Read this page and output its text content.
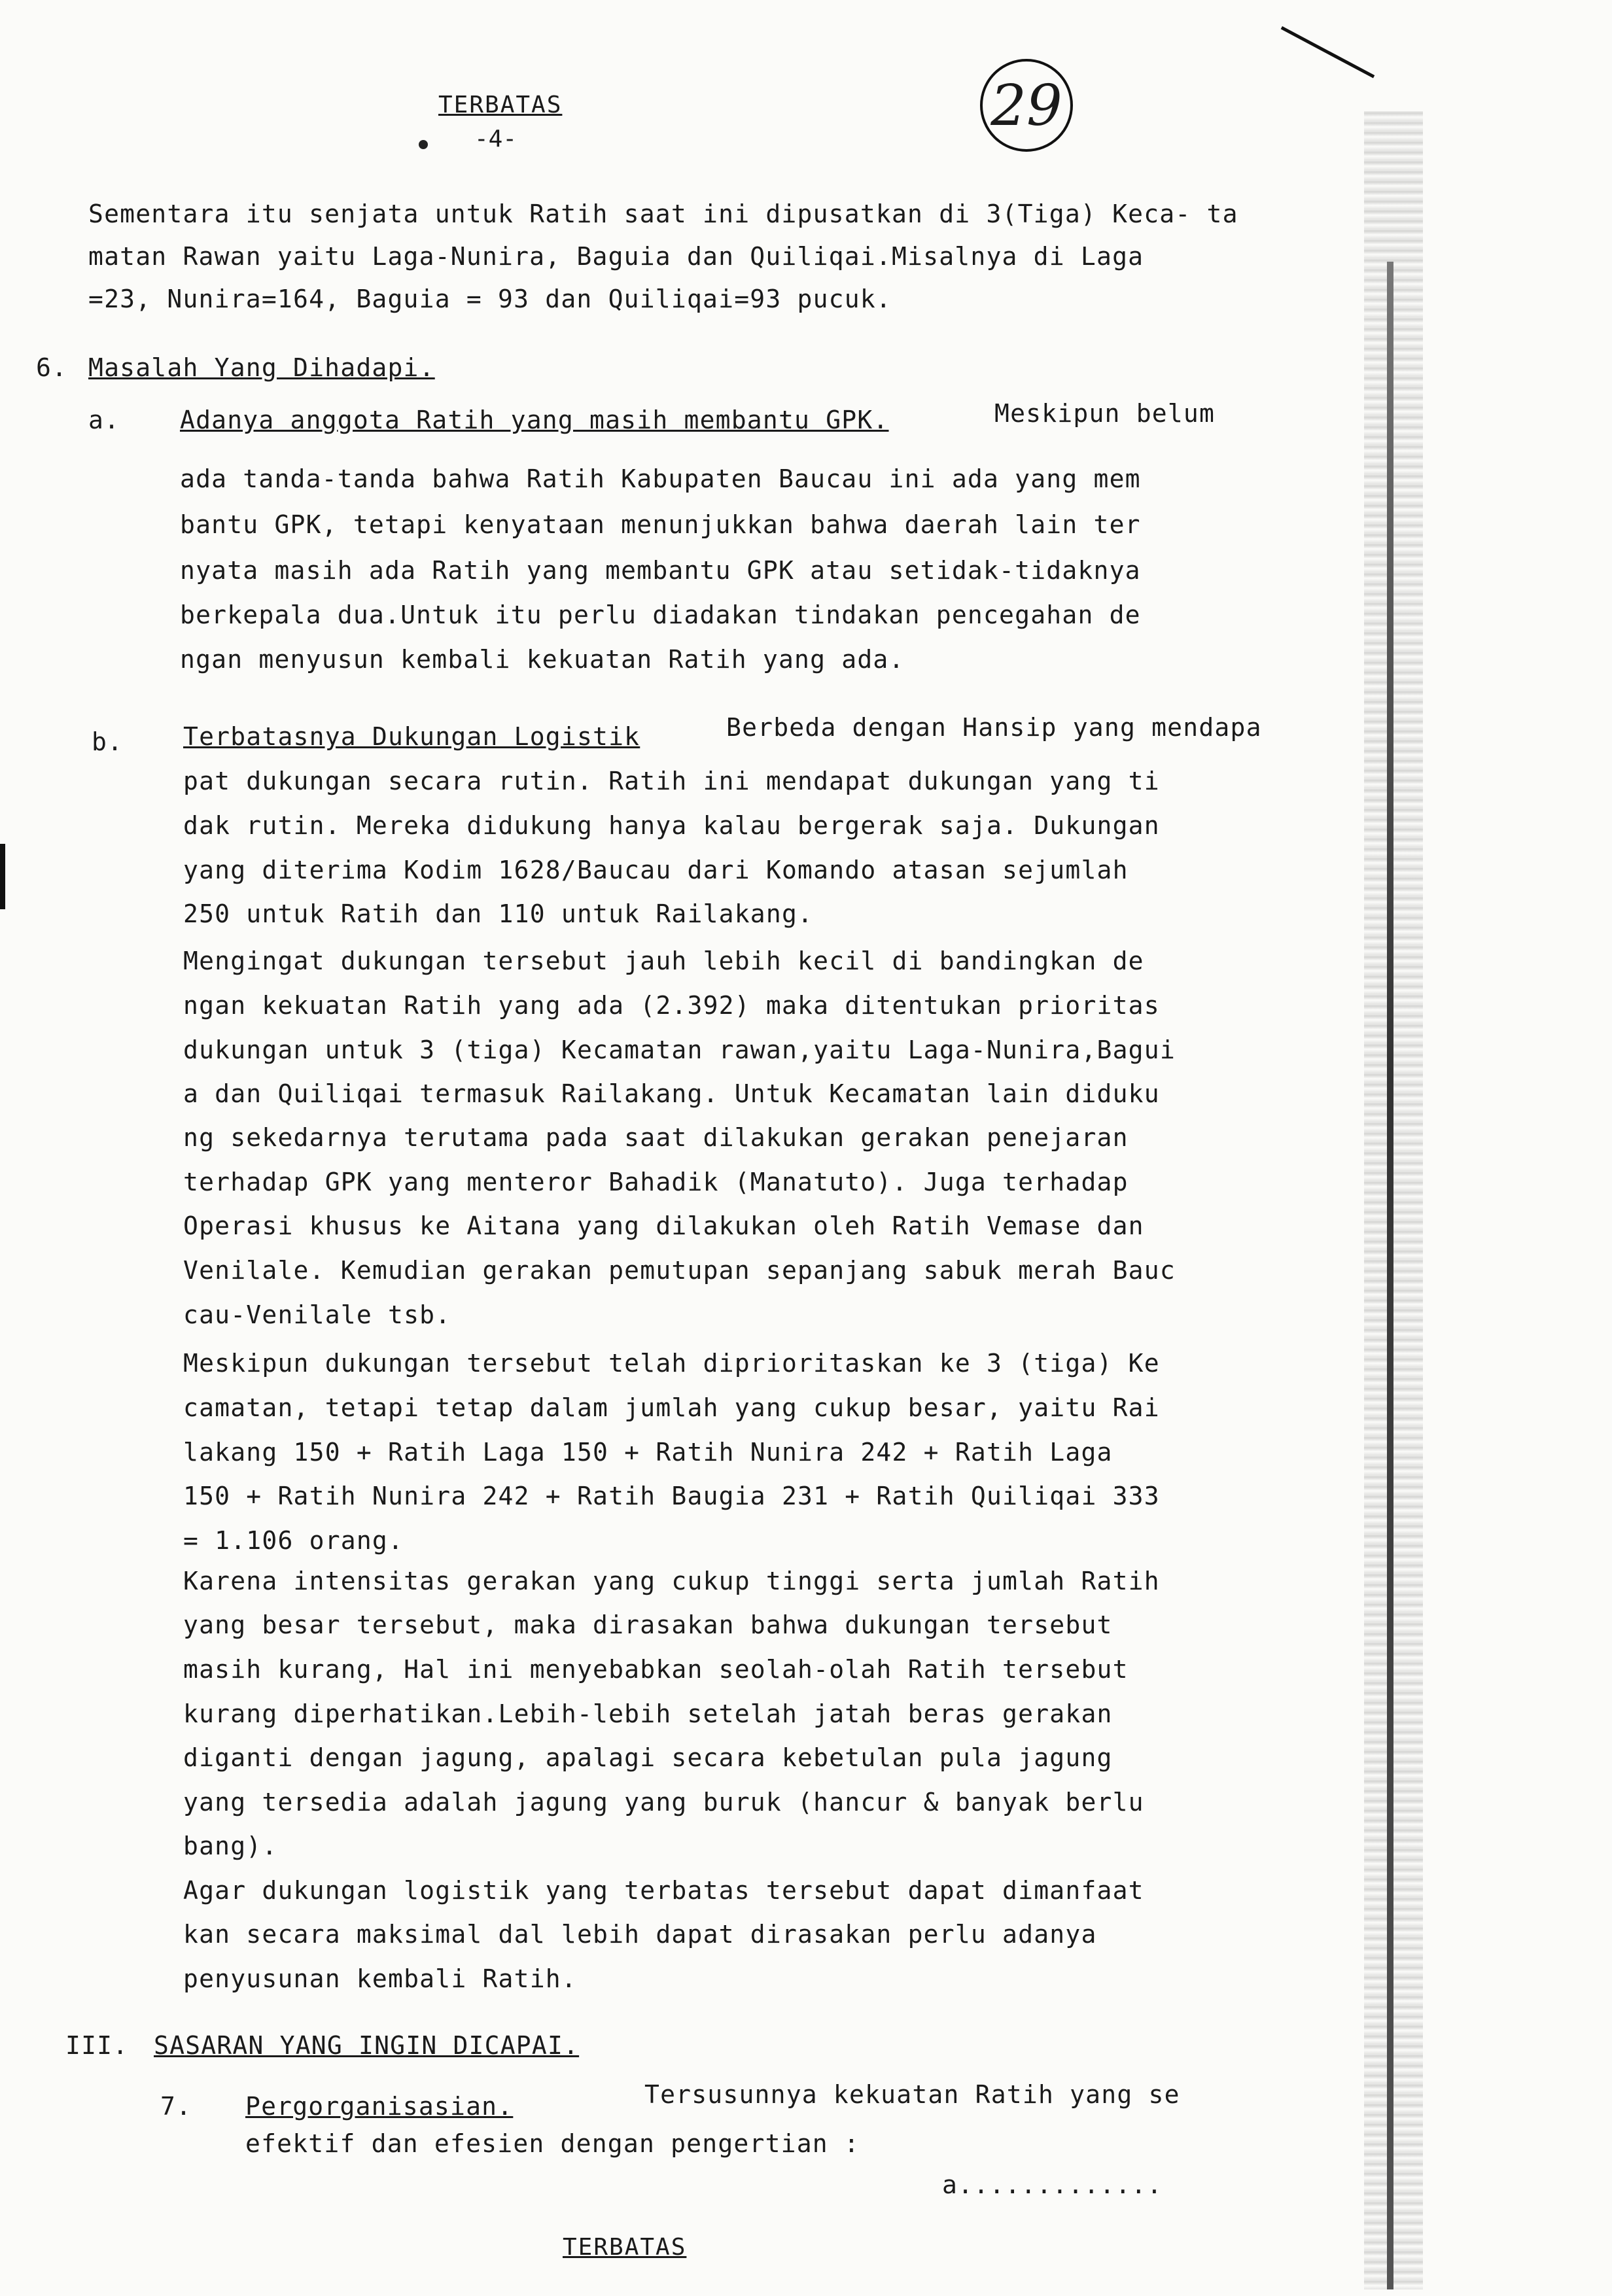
TERBATAS
-4-
29
Sementara itu senjata untuk Ratih saat ini dipusatkan di 3(Tiga) Keca- ta
matan Rawan yaitu Laga-Nunira, Baguia dan Quiliqai.Misalnya di Laga
=23, Nunira=164, Baguia = 93 dan Quiliqai=93 pucuk.
6. Masalah Yang Dihadapi.
a. Adanya anggota Ratih yang masih membantu GPK.	Meskipun belum
ada tanda-tanda bahwa Ratih Kabupaten Baucau ini ada yang mem
bantu GPK, tetapi kenyataan menunjukkan bahwa daerah lain ter
nyata masih ada Ratih yang membantu GPK atau setidak-tidaknya
berkepala dua.Untuk itu perlu diadakan tindakan pencegahan de
ngan menyusun kembali kekuatan Ratih yang ada.
b. Terbatasnya Dukungan Logistik	Berbeda dengan Hansip yang mendapa
pat dukungan secara rutin. Ratih ini mendapat dukungan yang ti
dak rutin. Mereka didukung hanya kalau bergerak saja. Dukungan
yang diterima Kodim 1628/Baucau dari Komando atasan sejumlah
250 untuk Ratih dan 110 untuk Railakang.
Mengingat dukungan tersebut jauh lebih kecil di bandingkan de
ngan kekuatan Ratih yang ada (2.392) maka ditentukan prioritas
dukungan untuk 3 (tiga) Kecamatan rawan,yaitu Laga-Nunira,Bagui
a dan Quiliqai termasuk Railakang. Untuk Kecamatan lain diduku
ng sekedarnya terutama pada saat dilakukan gerakan penejaran
terhadap GPK yang menteror Bahadik (Manatuto). Juga terhadap
Operasi khusus ke Aitana yang dilakukan oleh Ratih Vemase dan
Venilale. Kemudian gerakan pemutupan sepanjang sabuk merah Bauc
cau-Venilale tsb.
Meskipun dukungan tersebut telah diprioritaskan ke 3 (tiga) Ke
camatan, tetapi tetap dalam jumlah yang cukup besar, yaitu Rai
lakang 150 + Ratih Laga 150 + Ratih Nunira 242 + Ratih Laga
150 + Ratih Nunira 242 + Ratih Baugia 231 + Ratih Quiliqai 333
= 1.106 orang.
Karena intensitas gerakan yang cukup tinggi serta jumlah Ratih
yang besar tersebut, maka dirasakan bahwa dukungan tersebut
masih kurang, Hal ini menyebabkan seolah-olah Ratih tersebut
kurang diperhatikan.Lebih-lebih setelah jatah beras gerakan
diganti dengan jagung, apalagi secara kebetulan pula jagung
yang tersedia adalah jagung yang buruk (hancur & banyak berlu
bang).
Agar dukungan logistik yang terbatas tersebut dapat dimanfaat
kan secara maksimal dal lebih dapat dirasakan perlu adanya
penyusunan kembali Ratih.
III. SASARAN YANG INGIN DICAPAI.
7. Pergorganisasian.	Tersusunnya kekuatan Ratih yang se
efektif dan efesien dengan pengertian :
a.............
TERBATAS
